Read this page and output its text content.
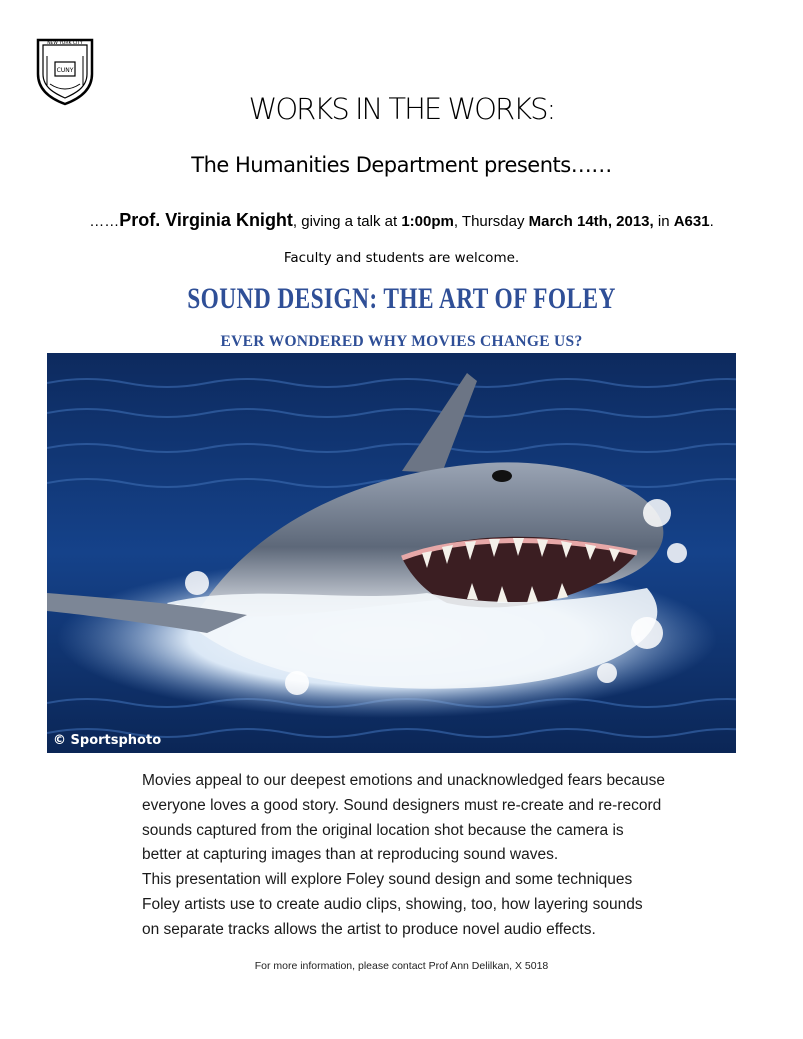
NEW YORK CITY
CUNY
WORKS IN THE WORKS:
The Humanities Department presents……
……Prof. Virginia Knight, giving a talk at 1:00pm, Thursday March 14th, 2013, in A631.
Faculty and students are welcome.
SOUND DESIGN: THE ART OF FOLEY
EVER WONDERED WHY MOVIES CHANGE US?
© Sportsphoto
Movies appeal to our deepest emotions and unacknowledged fears because
everyone loves a good story. Sound designers must re-create and re-record
sounds captured from the original location shot because the camera is
better at capturing images than at reproducing sound waves.
This presentation will explore Foley sound design and some techniques
Foley artists use to create audio clips, showing, too, how layering sounds
on separate tracks allows the artist to produce novel audio effects.
For more information, please contact Prof Ann Delilkan, X 5018
